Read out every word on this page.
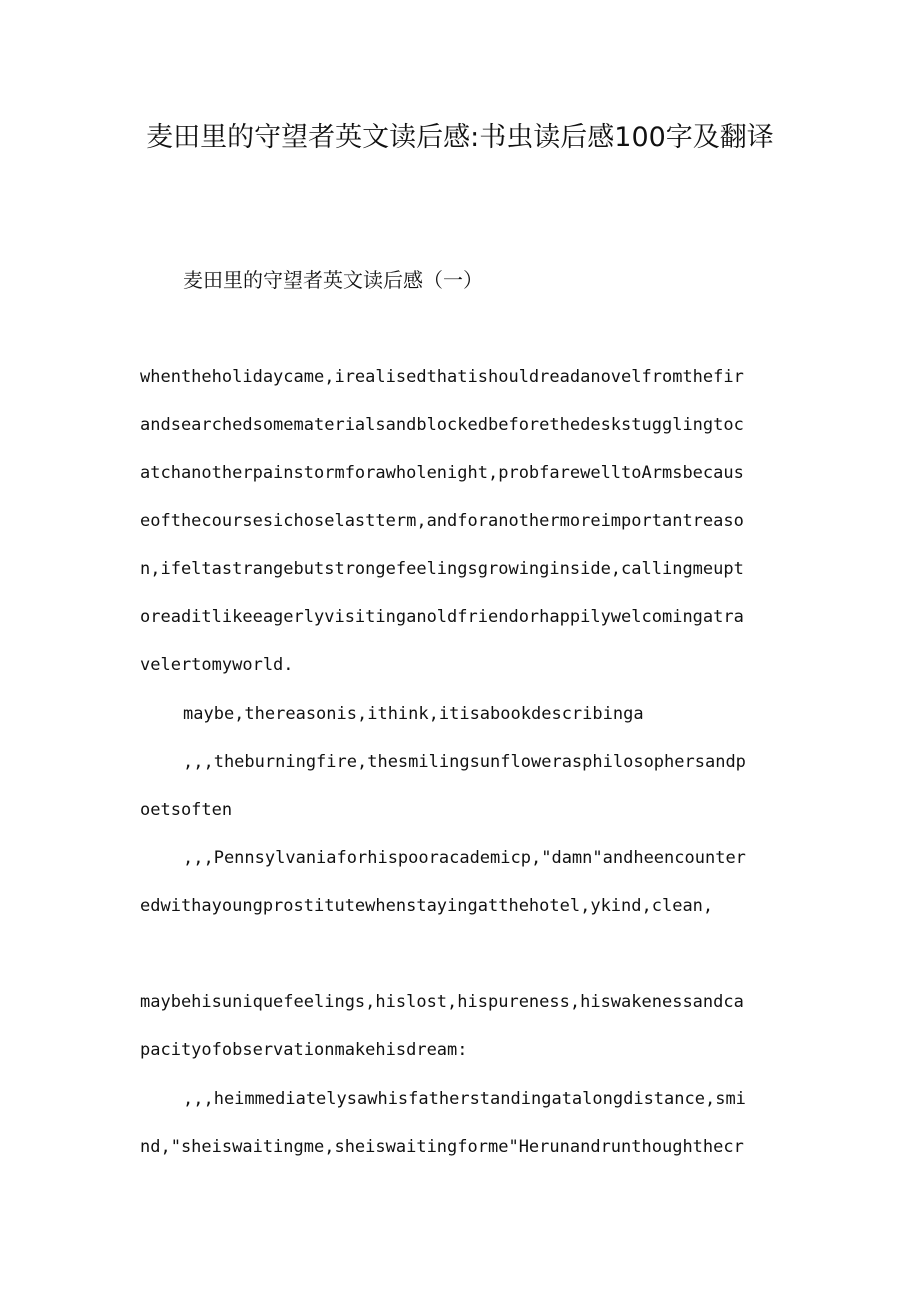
麦田里的守望者英文读后感:书虫读后感100字及翻译

麦田里的守望者英文读后感（一）

whentheholidaycame,irealisedthatishouldreadanovelfromthefir

andsearchedsomematerialsandblockedbeforethedeskstugglingtoc

atchanotherpainstormforawholenight,probfarewelltoArmsbecaus

eofthecoursesichoselastterm,andforanothermoreimportantreaso

n,ifeltastrangebutstrongefeelingsgrowinginside,callingmeupt

oreaditlikeeagerlyvisitinganoldfriendorhappilywelcomingatra

velertomyworld.

maybe,thereasonis,ithink,itisabookdescribinga

,,,theburningfire,thesmilingsunflowerasphilosophersandp

oetsoften

,,,Pennsylvaniaforhispooracademicp,"damn"andheencounter

edwithayoungprostitutewhenstayingatthehotel,ykind,clean,

maybehisuniquefeelings,hislost,hispureness,hiswakenessandca

pacityofobservationmakehisdream:

,,,heimmediatelysawhisfatherstandingatalongdistance,smi

nd,"sheiswaitingme,sheiswaitingforme"Herunandrunthoughthecr
